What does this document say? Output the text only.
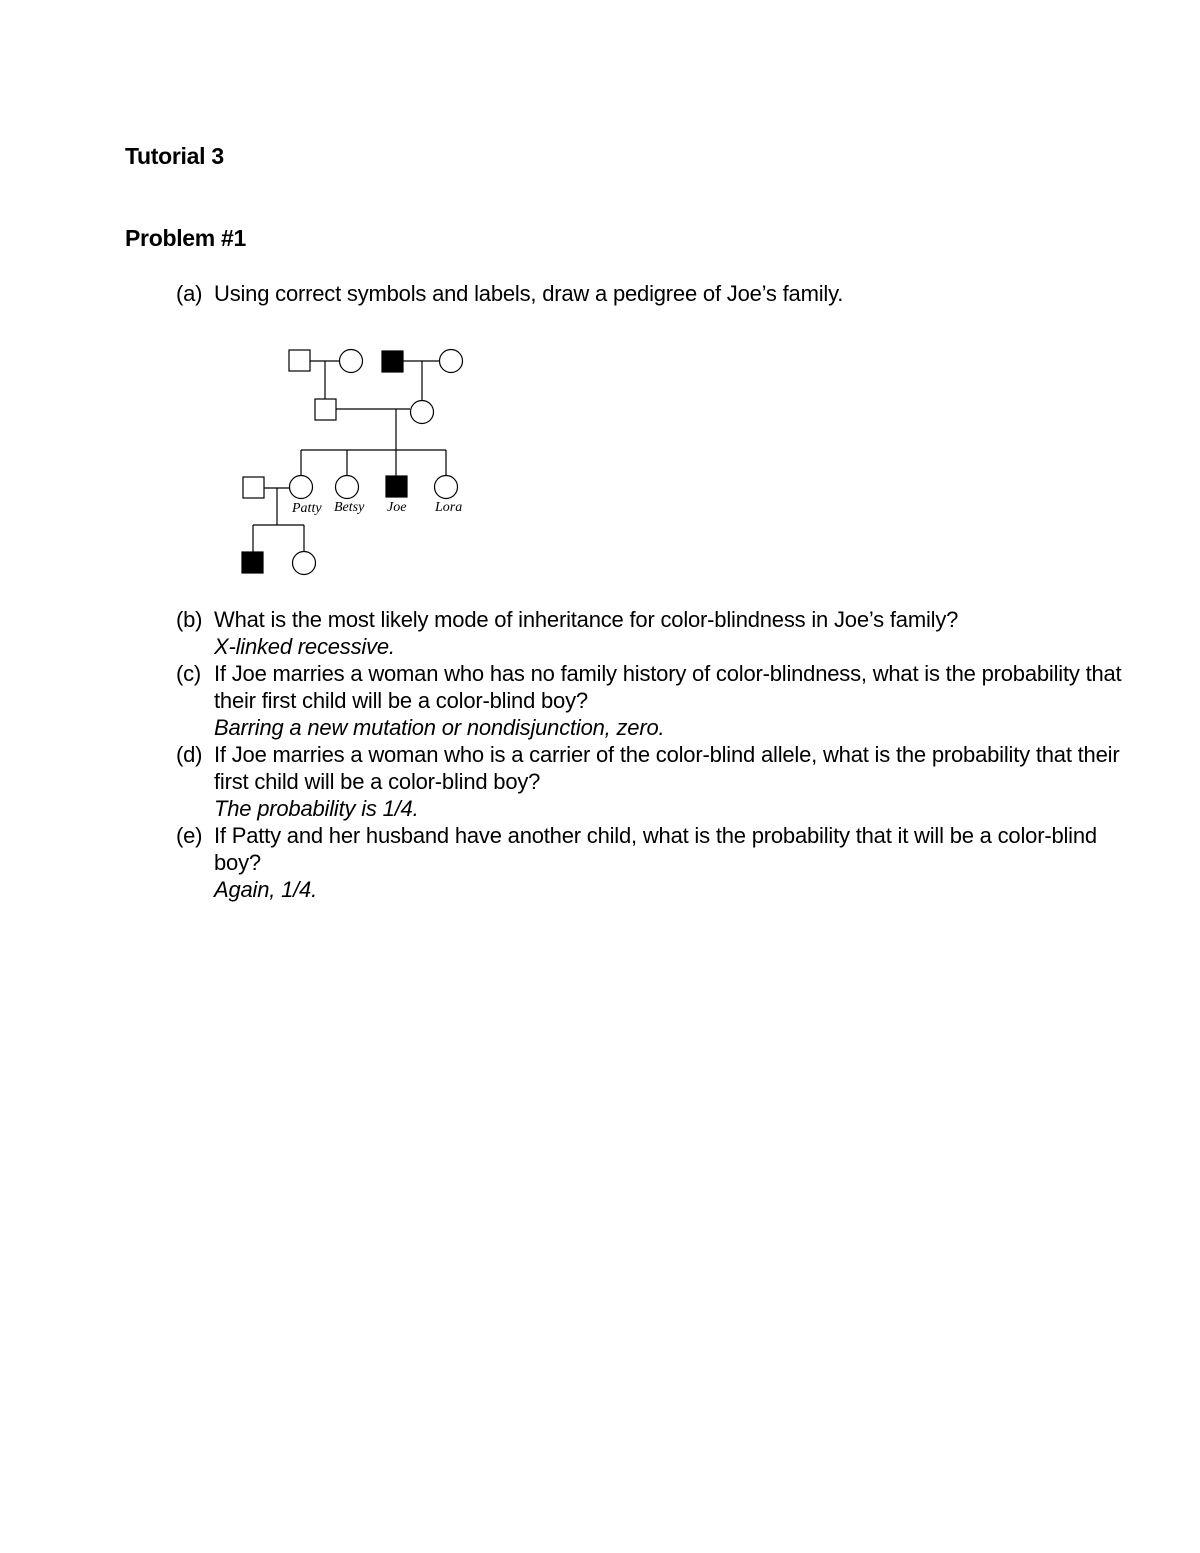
Tutorial 3
Problem #1
(a) Using correct symbols and labels, draw a pedigree of Joe’s family.
Patty Betsy Joe Lora
(b) What is the most likely mode of inheritance for color-blindness in Joe’s family?
X-linked recessive.
(c) If Joe marries a woman who has no family history of color-blindness, what is the probability that their first child will be a color-blind boy?
Barring a new mutation or nondisjunction, zero.
(d) If Joe marries a woman who is a carrier of the color-blind allele, what is the probability that their first child will be a color-blind boy?
The probability is 1/4.
(e) If Patty and her husband have another child, what is the probability that it will be a color-blind boy?
Again, 1/4.
